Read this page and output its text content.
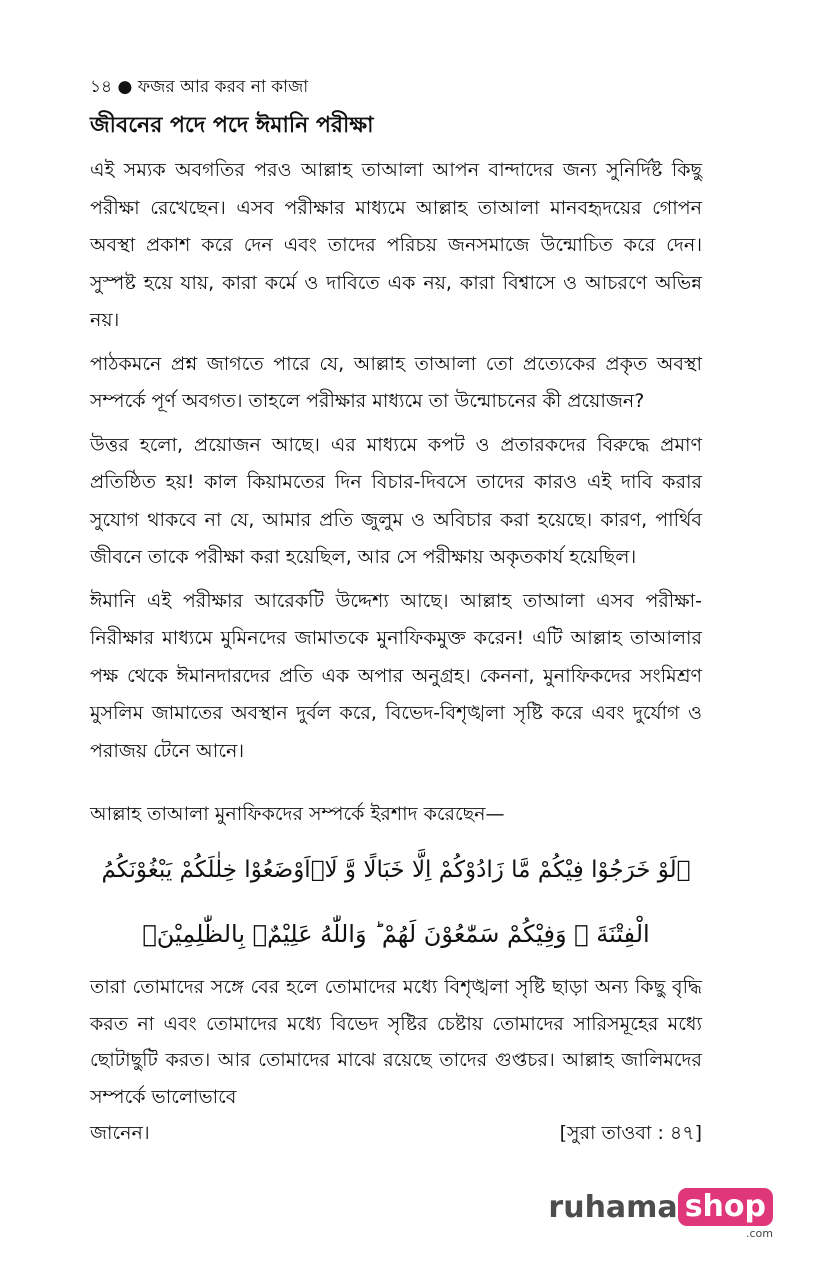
১৪ ● ফজর আর করব না কাজা
জীবনের পদে পদে ঈমানি পরীক্ষা

এই সম্যক অবগতির পরও আল্লাহ তাআলা আপন বান্দাদের জন্য সুনির্দিষ্ট কিছু পরীক্ষা রেখেছেন। এসব পরীক্ষার মাধ্যমে আল্লাহ তাআলা মানবহৃদয়ের গোপন অবস্থা প্রকাশ করে দেন এবং তাদের পরিচয় জনসমাজে উন্মোচিত করে দেন। সুস্পষ্ট হয়ে যায়, কারা কর্মে ও দাবিতে এক নয়, কারা বিশ্বাসে ও আচরণে অভিন্ন নয়।

পাঠকমনে প্রশ্ন জাগতে পারে যে, আল্লাহ তাআলা তো প্রত্যেকের প্রকৃত অবস্থা সম্পর্কে পূর্ণ অবগত। তাহলে পরীক্ষার মাধ্যমে তা উন্মোচনের কী প্রয়োজন?

উত্তর হলো, প্রয়োজন আছে। এর মাধ্যমে কপট ও প্রতারকদের বিরুদ্ধে প্রমাণ প্রতিষ্ঠিত হয়! কাল কিয়ামতের দিন বিচার-দিবসে তাদের কারও এই দাবি করার সুযোগ থাকবে না যে, আমার প্রতি জুলুম ও অবিচার করা হয়েছে। কারণ, পার্থিব জীবনে তাকে পরীক্ষা করা হয়েছিল, আর সে পরীক্ষায় অকৃতকার্য হয়েছিল।

ঈমানি এই পরীক্ষার আরেকটি উদ্দেশ্য আছে। আল্লাহ তাআলা এসব পরীক্ষা-নিরীক্ষার মাধ্যমে মুমিনদের জামাতকে মুনাফিকমুক্ত করেন! এটি আল্লাহ তাআলার পক্ষ থেকে ঈমানদারদের প্রতি এক অপার অনুগ্রহ। কেননা, মুনাফিকদের সংমিশ্রণ মুসলিম জামাতের অবস্থান দুর্বল করে, বিভেদ-বিশৃঙ্খলা সৃষ্টি করে এবং দুর্যোগ ও পরাজয় টেনে আনে।

আল্লাহ তাআলা মুনাফিকদের সম্পর্কে ইরশাদ করেছেন—
﴿لَوْ خَرَجُوْا فِيْكُمْ مَّا زَادُوْكُمْ اِلَّا خَبَالًا وَّ لَاۡاَوْضَعُوْا خِلٰلَكُمْ يَبْغُوْنَكُمُ
الْفِتْنَةَ ۚ وَفِيْكُمْ سَمّٰعُوْنَ لَهُمْ ؕ وَاللّٰهُ عَلِيْمٌۢ بِالظّٰلِمِيْنَ﴾

তারা তোমাদের সঙ্গে বের হলে তোমাদের মধ্যে বিশৃঙ্খলা সৃষ্টি ছাড়া অন্য কিছু বৃদ্ধি করত না এবং তোমাদের মধ্যে বিভেদ সৃষ্টির চেষ্টায় তোমাদের সারিসমূহের মধ্যে ছোটাছুটি করত। আর তোমাদের মাঝে রয়েছে তাদের গুপ্তচর। আল্লাহ জালিমদের সম্পর্কে ভালোভাবে

জানেন।	[সুরা তাওবা : ৪৭]
ruhama shop
.com
